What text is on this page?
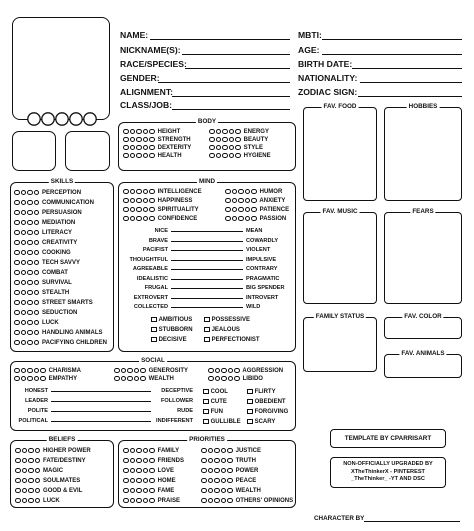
NAME:
NICKNAME(S):
RACE/SPECIES:
GENDER:
ALIGNMENT:
CLASS/JOB:
MBTI:
AGE:
BIRTH DATE:
NATIONALITY:
ZODIAC SIGN:
BODY
HEIGHT
STRENGTH
DEXTERITY
HEALTH
ENERGY
BEAUTY
STYLE
HYGIENE
SKILLS
PERCEPTION
COMMUNICATION
PERSUASION
MEDIATION
LITERACY
CREATIVITY
COOKING
TECH SAVVY
COMBAT
SURVIVAL
STEALTH
STREET SMARTS
SEDUCTION
LUCK
HANDLING ANIMALS
PACIFYING CHILDREN
MIND
INTELLIGENCE
HAPPINESS
SPIRITUALITY
CONFIDENCE
HUMOR
ANXIETY
PATIENCE
PASSION
NICE	MEAN
BRAVE	COWARDLY
PACIFIST	VIOLENT
THOUGHTFUL	IMPULSIVE
AGREEABLE	CONTRARY
IDEALISTIC	PRAGMATIC
FRUGAL	BIG SPENDER
EXTROVERT	INTROVERT
COLLECTED	WILD
AMBITIOUS
STUBBORN
DECISIVE
POSSESSIVE
JEALOUS
PERFECTIONIST
FAV. FOOD	HOBBIES
FAV. MUSIC	FEARS
FAMILY STATUS	FAV. COLOR
FAV. ANIMALS
SOCIAL
CHARISMA
EMPATHY
GENEROSITY
WEALTH
AGGRESSION
LIBIDO
HONEST	DECEPTIVE
LEADER	FOLLOWER
POLITE	RUDE
POLITICAL	INDIFFERENT
COOL
CUTE
FUN
GULLIBLE
FLIRTY
OBEDIENT
FORGIVING
SCARY
BELIEFS
HIGHER POWER
FATE/DESTINY
MAGIC
SOULMATES
GOOD & EVIL
LUCK
PRIORITIES
FAMILY
FRIENDS
LOVE
HOME
FAME
PRAISE
JUSTICE
TRUTH
POWER
PEACE
WEALTH
OTHERS' OPINIONS
TEMPLATE BY CPARRISART
NON-OFFICIALLY UPGRADED BY
XTheThinkerX - PINTEREST
_TheThinker_ -YT AND DSC
CHARACTER BY
